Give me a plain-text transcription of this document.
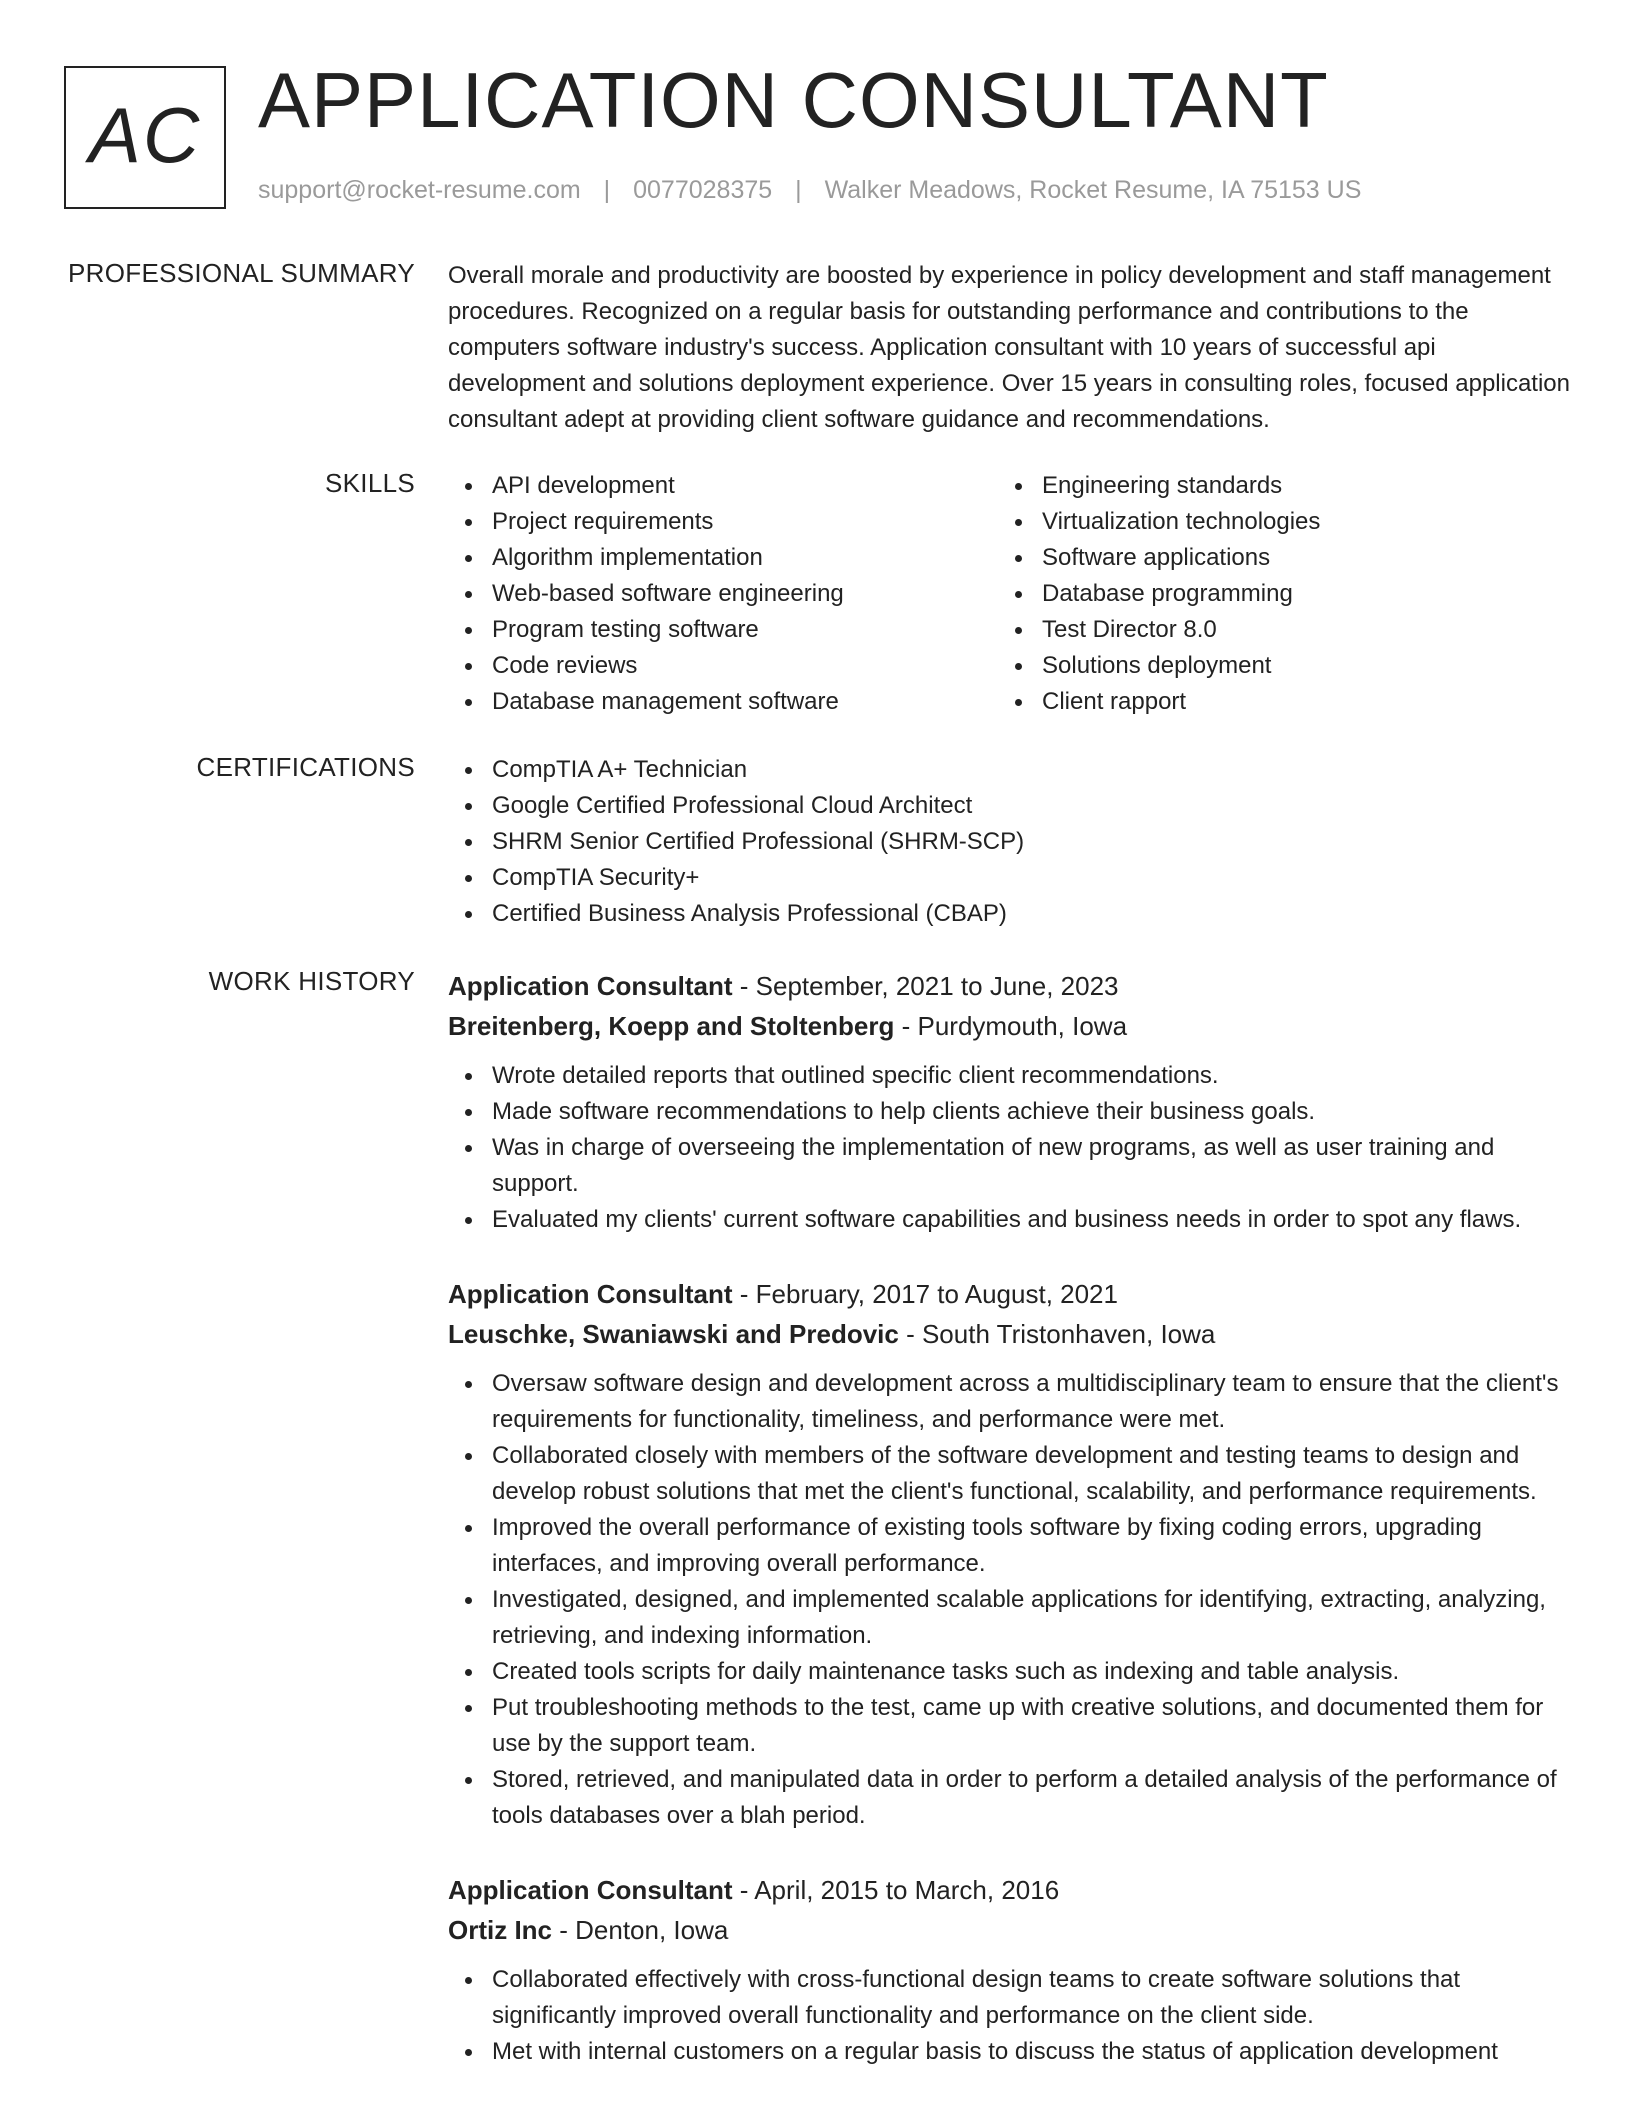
AC APPLICATION CONSULTANT
support@rocket-resume.com | 0077028375 | Walker Meadows, Rocket Resume, IA 75153 US
PROFESSIONAL SUMMARY Overall morale and productivity are boosted by experience in policy development and staff management procedures. Recognized on a regular basis for outstanding performance and contributions to the computers software industry's success. Application consultant with 10 years of successful api development and solutions deployment experience. Over 15 years in consulting roles, focused application consultant adept at providing client software guidance and recommendations.
SKILLS	API development
Project requirements
Algorithm implementation
Web-based software engineering
Program testing software
Code reviews
Database management software
Engineering standards
Virtualization technologies
Software applications
Database programming
Test Director 8.0
Solutions deployment
Client rapport
CERTIFICATIONS	CompTIA A+ Technician
Google Certified Professional Cloud Architect
SHRM Senior Certified Professional (SHRM-SCP)
CompTIA Security+
Certified Business Analysis Professional (CBAP)
WORK HISTORY Application Consultant - September, 2021 to June, 2023
Breitenberg, Koepp and Stoltenberg - Purdymouth, Iowa
Wrote detailed reports that outlined specific client recommendations.
Made software recommendations to help clients achieve their business goals.
Was in charge of overseeing the implementation of new programs, as well as user training and support.
Evaluated my clients' current software capabilities and business needs in order to spot any flaws.
Application Consultant - February, 2017 to August, 2021
Leuschke, Swaniawski and Predovic - South Tristonhaven, Iowa
Oversaw software design and development across a multidisciplinary team to ensure that the client's requirements for functionality, timeliness, and performance were met.
Collaborated closely with members of the software development and testing teams to design and develop robust solutions that met the client's functional, scalability, and performance requirements.
Improved the overall performance of existing tools software by fixing coding errors, upgrading interfaces, and improving overall performance.
Investigated, designed, and implemented scalable applications for identifying, extracting, analyzing, retrieving, and indexing information.
Created tools scripts for daily maintenance tasks such as indexing and table analysis.
Put troubleshooting methods to the test, came up with creative solutions, and documented them for use by the support team.
Stored, retrieved, and manipulated data in order to perform a detailed analysis of the performance of tools databases over a blah period.
Application Consultant - April, 2015 to March, 2016
Ortiz Inc - Denton, Iowa
Collaborated effectively with cross-functional design teams to create software solutions that significantly improved overall functionality and performance on the client side.
Met with internal customers on a regular basis to discuss the status of application development
